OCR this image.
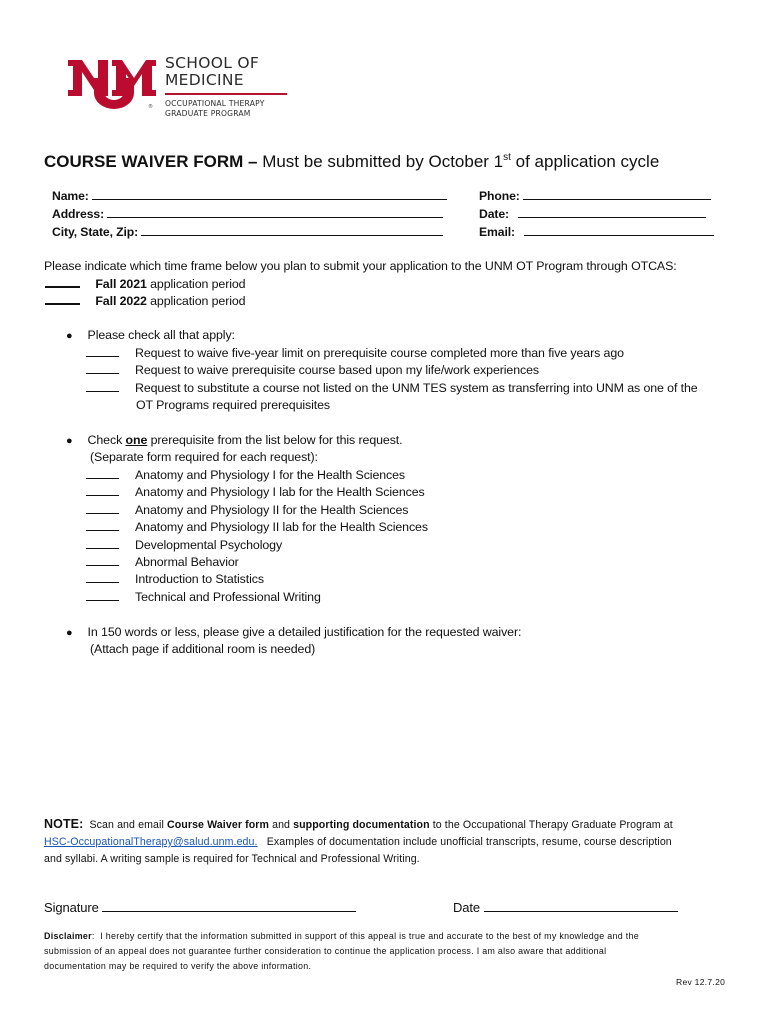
®
SCHOOL OF
MEDICINE
OCCUPATIONAL THERAPY
GRADUATE PROGRAM
COURSE WAIVER FORM – Must be submitted by October 1st of application cycle
Name:
Address:
City, State, Zip:
Phone:
Date:
Email:
Please indicate which time frame below you plan to submit your application to the UNM OT Program through OTCAS:
Fall 2021 application period
Fall 2022 application period
● Please check all that apply:
Request to waive five-year limit on prerequisite course completed more than five years ago
Request to waive prerequisite course based upon my life/work experiences
Request to substitute a course not listed on the UNM TES system as transferring into UNM as one of the
OT Programs required prerequisites
● Check one prerequisite from the list below for this request.
(Separate form required for each request):
Anatomy and Physiology I for the Health Sciences
Anatomy and Physiology I lab for the Health Sciences
Anatomy and Physiology II for the Health Sciences
Anatomy and Physiology II lab for the Health Sciences
Developmental Psychology
Abnormal Behavior
Introduction to Statistics
Technical and Professional Writing
● In 150 words or less, please give a detailed justification for the requested waiver:
(Attach page if additional room is needed)
NOTE:  Scan and email Course Waiver form and supporting documentation to the Occupational Therapy Graduate Program at
HSC-OccupationalTherapy@salud.unm.edu.   Examples of documentation include unofficial transcripts, resume, course description
and syllabi. A writing sample is required for Technical and Professional Writing.
Signature	Date
Disclaimer:  I hereby certify that the information submitted in support of this appeal is true and accurate to the best of my knowledge and the
submission of an appeal does not guarantee further consideration to continue the application process. I am also aware that additional
documentation may be required to verify the above information.
Rev 12.7.20
